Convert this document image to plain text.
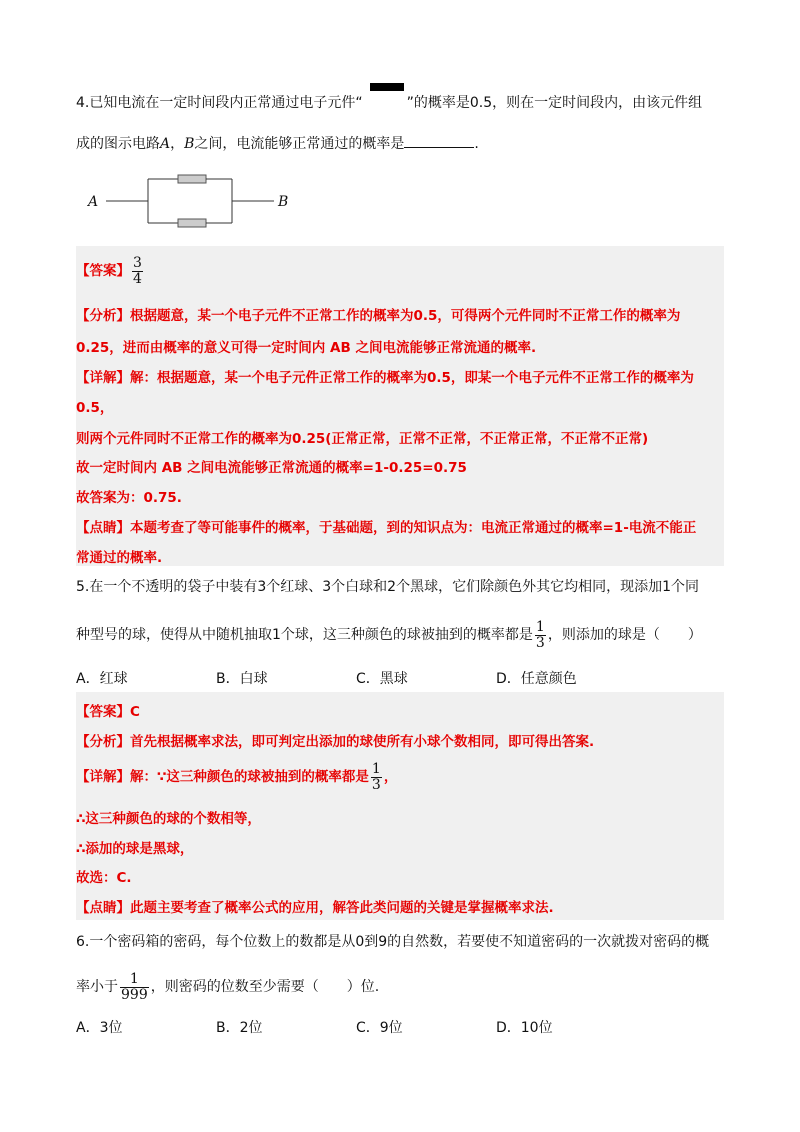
4.已知电流在一定时间段内正常通过电子元件“	”的概率是0.5，则在一定时间段内，由该元件组
成的图示电路A，B之间，电流能够正常通过的概率是	.
A	B
【答案】 $\frac{3}{4}$
【分析】根据题意，某一个电子元件不正常工作的概率为0.5，可得两个元件同时不正常工作的概率为
0.25，进而由概率的意义可得一定时间内 AB 之间电流能够正常流通的概率.
【详解】解：根据题意，某一个电子元件正常工作的概率为0.5，即某一个电子元件不正常工作的概率为
0.5，
则两个元件同时不正常工作的概率为0.25(正常正常，正常不正常，不正常正常，不正常不正常)
故一定时间内 AB 之间电流能够正常流通的概率=1-0.25=0.75
故答案为：0.75.
【点睛】本题考查了等可能事件的概率，于基础题，到的知识点为：电流正常通过的概率=1-电流不能正
常通过的概率.
5.在一个不透明的袋子中装有3个红球、3个白球和2个黑球，它们除颜色外其它均相同，现添加1个同
种型号的球，使得从中随机抽取1个球，这三种颜色的球被抽到的概率都是 $\frac{1}{3}$ ，则添加的球是（　　）
A．红球	B．白球	C．黑球	D．任意颜色
【答案】C
【分析】首先根据概率求法，即可判定出添加的球使所有小球个数相同，即可得出答案.
【详解】解：∵这三种颜色的球被抽到的概率都是 $\frac{1}{3}$ ，
∴这三种颜色的球的个数相等，
∴添加的球是黑球，
故选：C.
【点睛】此题主要考查了概率公式的应用，解答此类问题的关键是掌握概率求法.
6.一个密码箱的密码，每个位数上的数都是从0到9的自然数，若要使不知道密码的一次就拨对密码的概
率小于 $\frac{1}{999}$ ，则密码的位数至少需要（　　）位.
A．3位	B．2位	C．9位	D．10位
